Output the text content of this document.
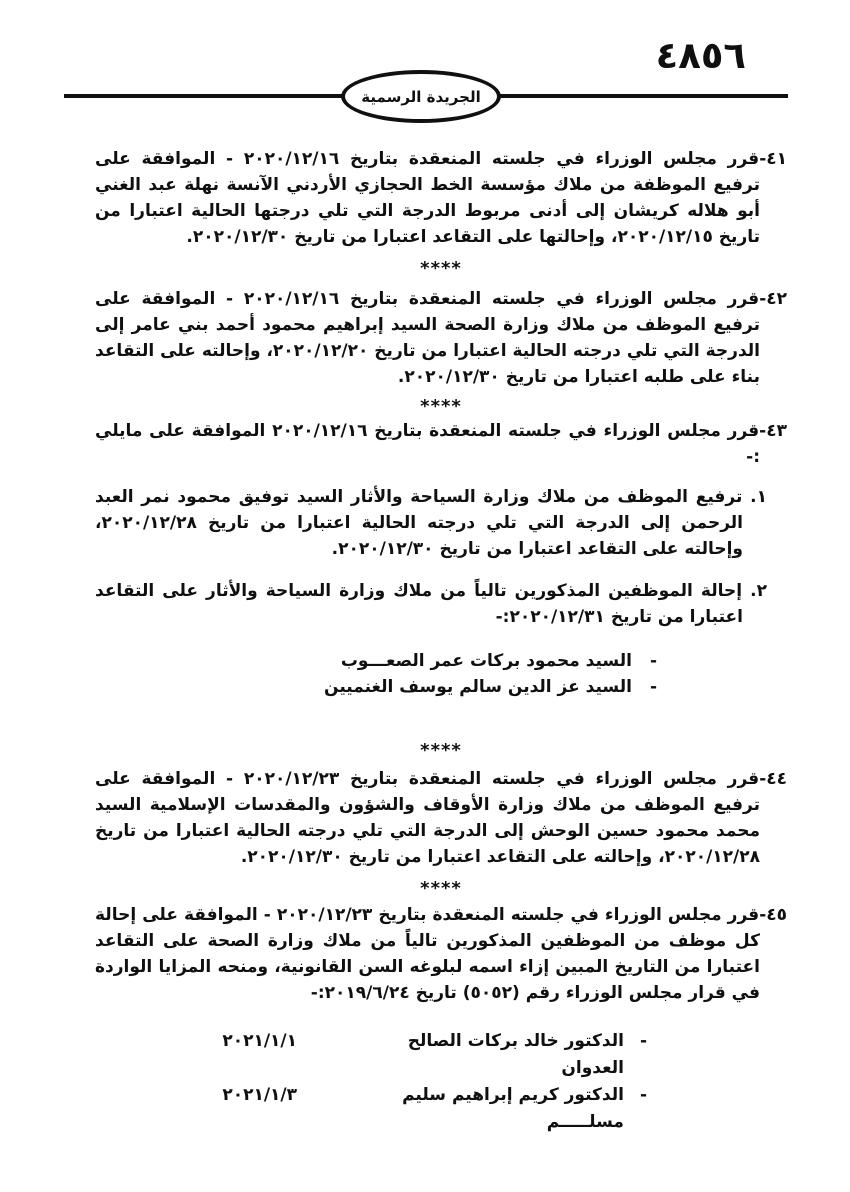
٤٨٥٦
الجريدة الرسمية

٤١-قرر مجلس الوزراء في جلسته المنعقدة بتاريخ ٢٠٢٠/١٢/١٦ - الموافقة على ترفيع الموظفة من ملاك مؤسسة الخط الحجازي الأردني الآنسة نهلة عبد الغني أبو هلاله كريشان إلى أدنى مربوط الدرجة التي تلي درجتها الحالية اعتبارا من تاريخ ٢٠٢٠/١٢/١٥، وإحالتها على التقاعد اعتبارا من تاريخ ٢٠٢٠/١٢/٣٠.

****

٤٢-قرر مجلس الوزراء في جلسته المنعقدة بتاريخ ٢٠٢٠/١٢/١٦ - الموافقة على ترفيع الموظف من ملاك وزارة الصحة السيد إبراهيم محمود أحمد بني عامر إلى الدرجة التي تلي درجته الحالية اعتبارا من تاريخ ٢٠٢٠/١٢/٢٠، وإحالته على التقاعد بناء على طلبه اعتبارا من تاريخ ٢٠٢٠/١٢/٣٠.

****

٤٣-قرر مجلس الوزراء في جلسته المنعقدة بتاريخ ٢٠٢٠/١٢/١٦ الموافقة على مايلي :-

١. ترفيع الموظف من ملاك وزارة السياحة والأثار السيد توفيق محمود نمر العبد الرحمن إلى الدرجة التي تلي درجته الحالية اعتبارا من تاريخ ٢٠٢٠/١٢/٢٨، وإحالته على التقاعد اعتبارا من تاريخ ٢٠٢٠/١٢/٣٠.

٢. إحالة الموظفين المذكورين تالياً من ملاك وزارة السياحة والأثار على التقاعد اعتبارا من تاريخ ٢٠٢٠/١٢/٣١:-

-
السيد محمود بركات عمر الصعـــوب
-
السيد عز الدين سالم يوسف الغنميين
****

٤٤-قرر مجلس الوزراء في جلسته المنعقدة بتاريخ ٢٠٢٠/١٢/٢٣ - الموافقة على ترفيع الموظف من ملاك وزارة الأوقاف والشؤون والمقدسات الإسلامية السيد محمد محمود حسين الوحش إلى الدرجة التي تلي درجته الحالية اعتبارا من تاريخ ٢٠٢٠/١٢/٢٨، وإحالته على التقاعد اعتبارا من تاريخ ٢٠٢٠/١٢/٣٠.

****

٤٥-قرر مجلس الوزراء في جلسته المنعقدة بتاريخ ٢٠٢٠/١٢/٢٣ - الموافقة على إحالة كل موظف من الموظفين المذكورين تالياً من ملاك وزارة الصحة على التقاعد اعتبارا من التاريخ المبين إزاء اسمه لبلوغه السن القانونية، ومنحه المزايا الواردة في قرار مجلس الوزراء رقم (٥٠٥٢) تاريخ ٢٠١٩/٦/٢٤:-

-
الدكتور خالد بركات الصالح العدوان
٢٠٢١/١/١
-
الدكتور كريم إبراهيم سليم مسلـــــم
٢٠٢١/١/٣
